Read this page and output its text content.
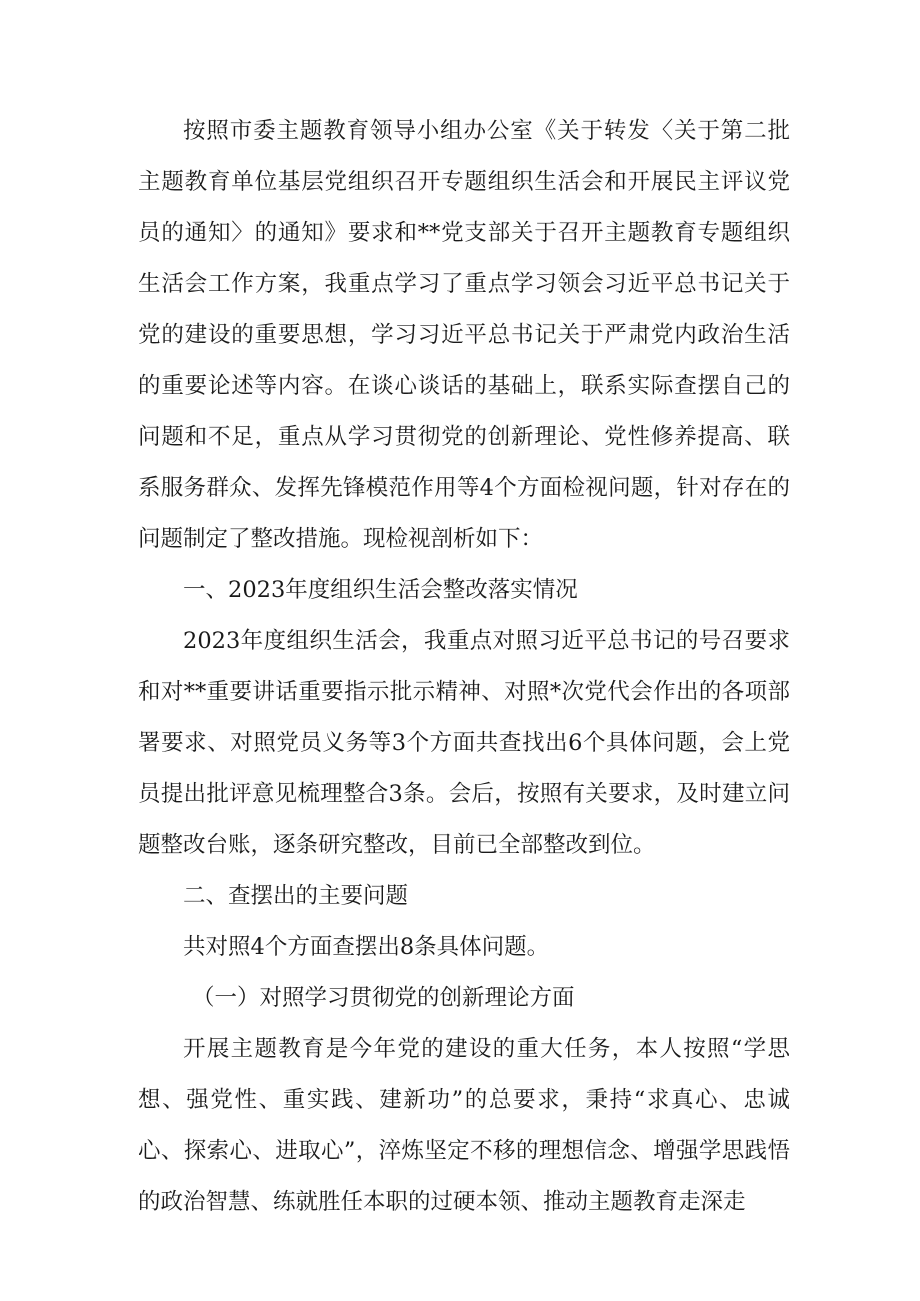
按照市委主题教育领导小组办公室《关于转发〈关于第二批主题教育单位基层党组织召开专题组织生活会和开展民主评议党员的通知〉的通知》要求和**党支部关于召开主题教育专题组织生活会工作方案，我重点学习了重点学习领会习近平总书记关于党的建设的重要思想，学习习近平总书记关于严肃党内政治生活的重要论述等内容。在谈心谈话的基础上，联系实际查摆自己的问题和不足，重点从学习贯彻党的创新理论、党性修养提高、联系服务群众、发挥先锋模范作用等4个方面检视问题，针对存在的问题制定了整改措施。现检视剖析如下：

一、2023年度组织生活会整改落实情况

2023年度组织生活会，我重点对照习近平总书记的号召要求和对**重要讲话重要指示批示精神、对照*次党代会作出的各项部署要求、对照党员义务等3个方面共查找出6个具体问题，会上党员提出批评意见梳理整合3条。会后，按照有关要求，及时建立问题整改台账，逐条研究整改，目前已全部整改到位。

二、查摆出的主要问题

共对照4个方面查摆出8条具体问题。

（一）对照学习贯彻党的创新理论方面

开展主题教育是今年党的建设的重大任务，本人按照“学思想、强党性、重实践、建新功”的总要求，秉持“求真心、忠诚心、探索心、进取心”，淬炼坚定不移的理想信念、增强学思践悟的政治智慧、练就胜任本职的过硬本领、推动主题教育走深走
